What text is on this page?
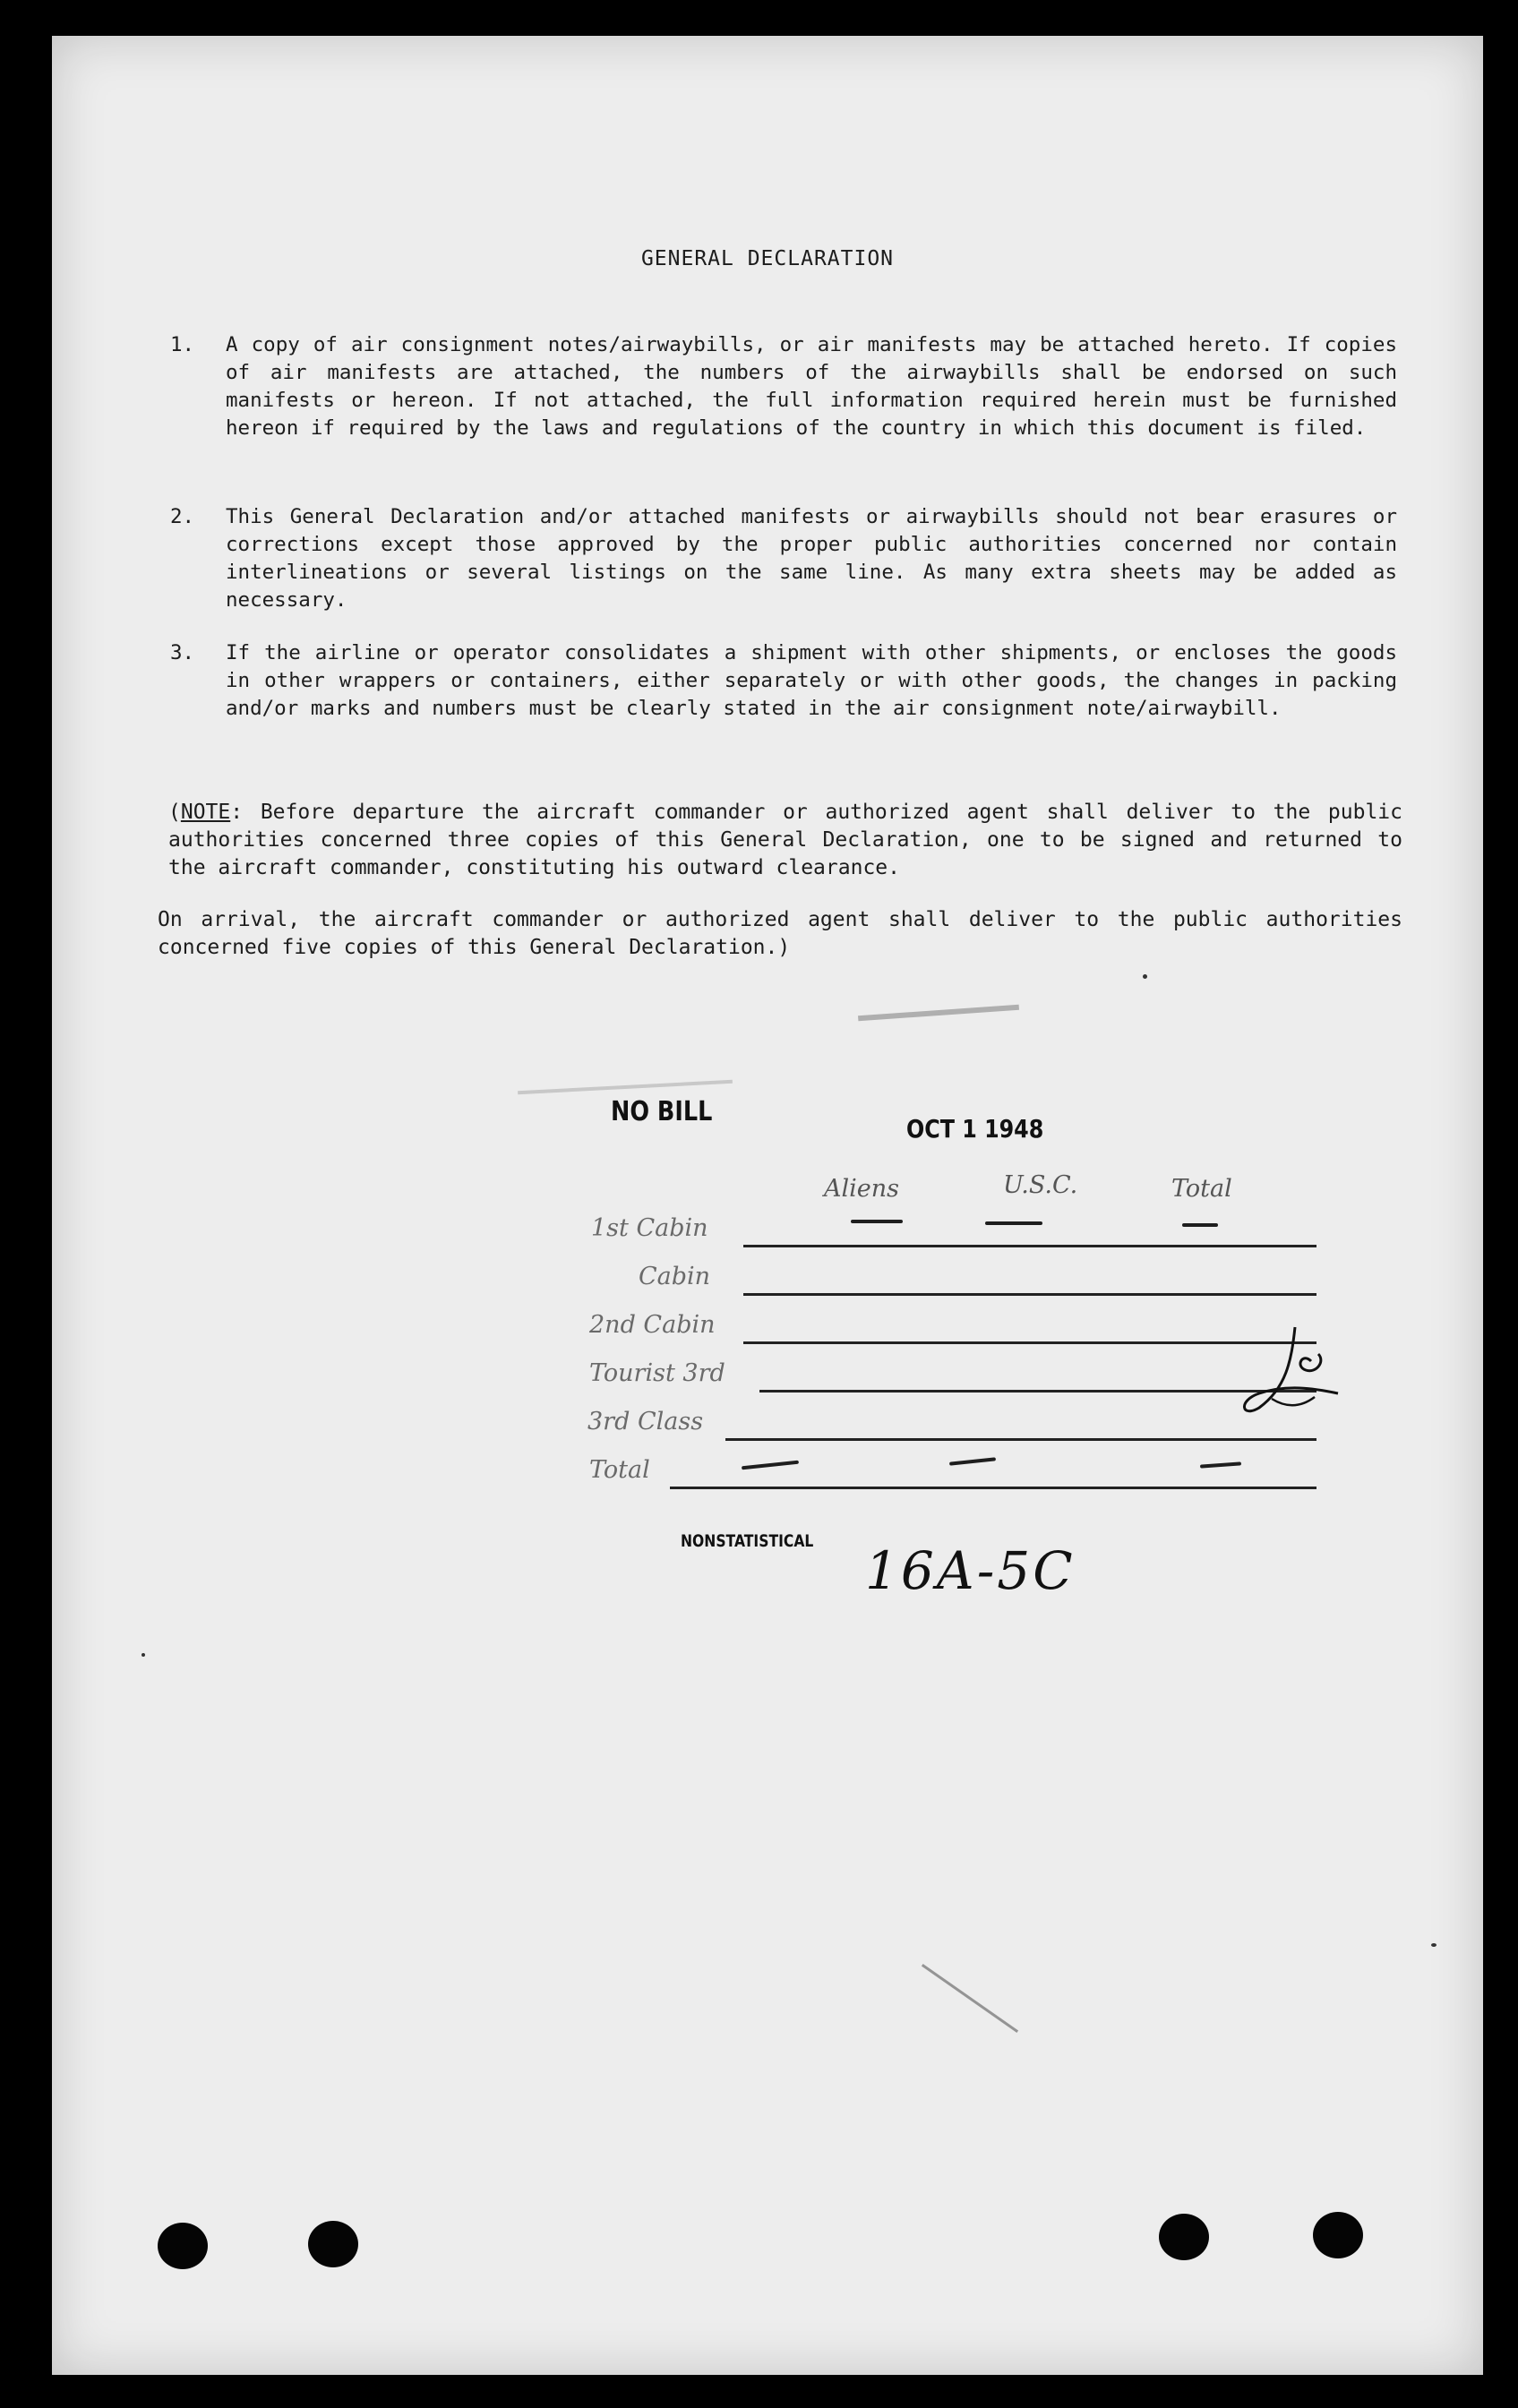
GENERAL DECLARATION
1.	A copy of air consignment notes/airwaybills, or air manifests may be attached hereto. If copies of air manifests are attached, the numbers of the airwaybills shall be endorsed on such manifests or hereon. If not attached, the full information required herein must be furnished hereon if required by the laws and regulations of the country in which this document is filed.
2.	This General Declaration and/or attached manifests or airwaybills should not bear erasures or corrections except those approved by the proper public authorities concerned nor contain interlineations or several listings on the same line. As many extra sheets may be added as necessary.
3.	If the airline or operator consolidates a shipment with other shipments, or encloses the goods in other wrappers or containers, either separately or with other goods, the changes in packing and/or marks and numbers must be clearly stated in the air consignment note/airwaybill.
(NOTE: Before departure the aircraft commander or authorized agent shall deliver to the public authorities concerned three copies of this General Declaration, one to be signed and returned to the aircraft commander, constituting his outward clearance.
On arrival, the aircraft commander or authorized agent shall deliver to the public authorities concerned five copies of this General Declaration.)
NO BILL
OCT 1 1948
Aliens	U.S.C.	Total
1st Cabin
Cabin
2nd Cabin
Tourist 3rd
3rd Class
Total
NONSTATISTICAL 16A-5C
